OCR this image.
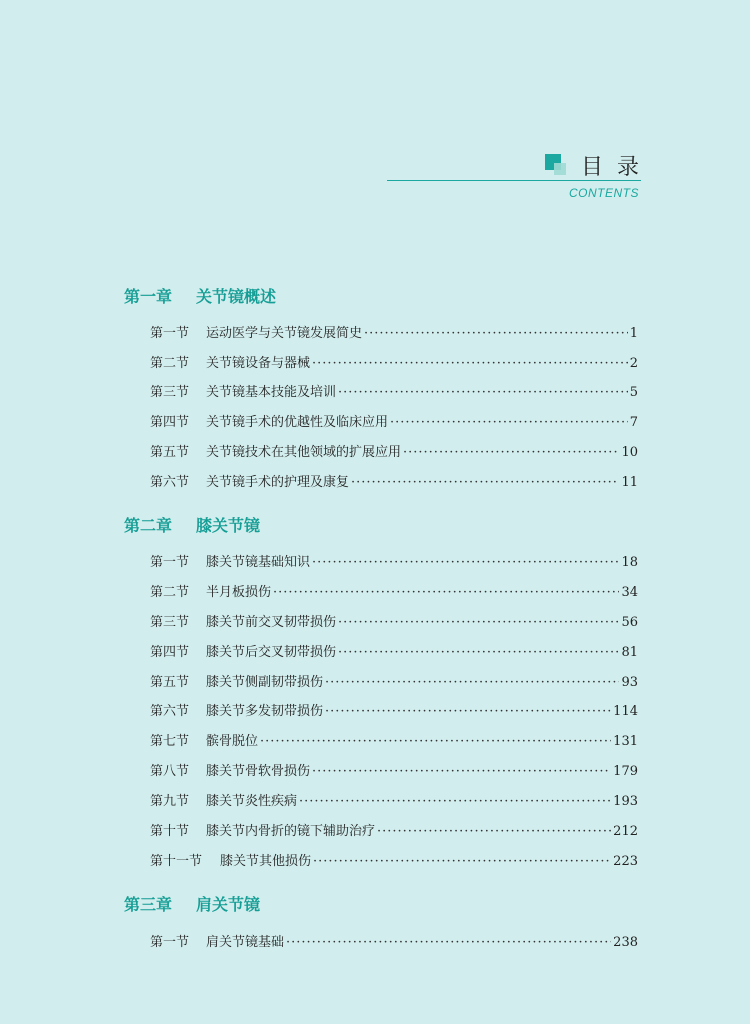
目录
CONTENTS
第一章 关节镜概述
第一节	运动医学与关节镜发展简史 ·····	1
第二节	关节镜设备与器械 ·····	2
第三节	关节镜基本技能及培训 ·····	5
第四节	关节镜手术的优越性及临床应用 ·····	7
第五节	关节镜技术在其他领域的扩展应用 ·····	10
第六节	关节镜手术的护理及康复 ·····	11
第二章 膝关节镜
第一节	膝关节镜基础知识 ·····	18
第二节	半月板损伤 ·····	34
第三节	膝关节前交叉韧带损伤 ·····	56
第四节	膝关节后交叉韧带损伤 ·····	81
第五节	膝关节侧副韧带损伤 ·····	93
第六节	膝关节多发韧带损伤 ·····	114
第七节	髌骨脱位 ·····	131
第八节	膝关节骨软骨损伤 ·····	179
第九节	膝关节炎性疾病 ·····	193
第十节	膝关节内骨折的镜下辅助治疗 ·····	212
第十一节	膝关节其他损伤 ·····	223
第三章 肩关节镜
第一节	肩关节镜基础 ·····	238
